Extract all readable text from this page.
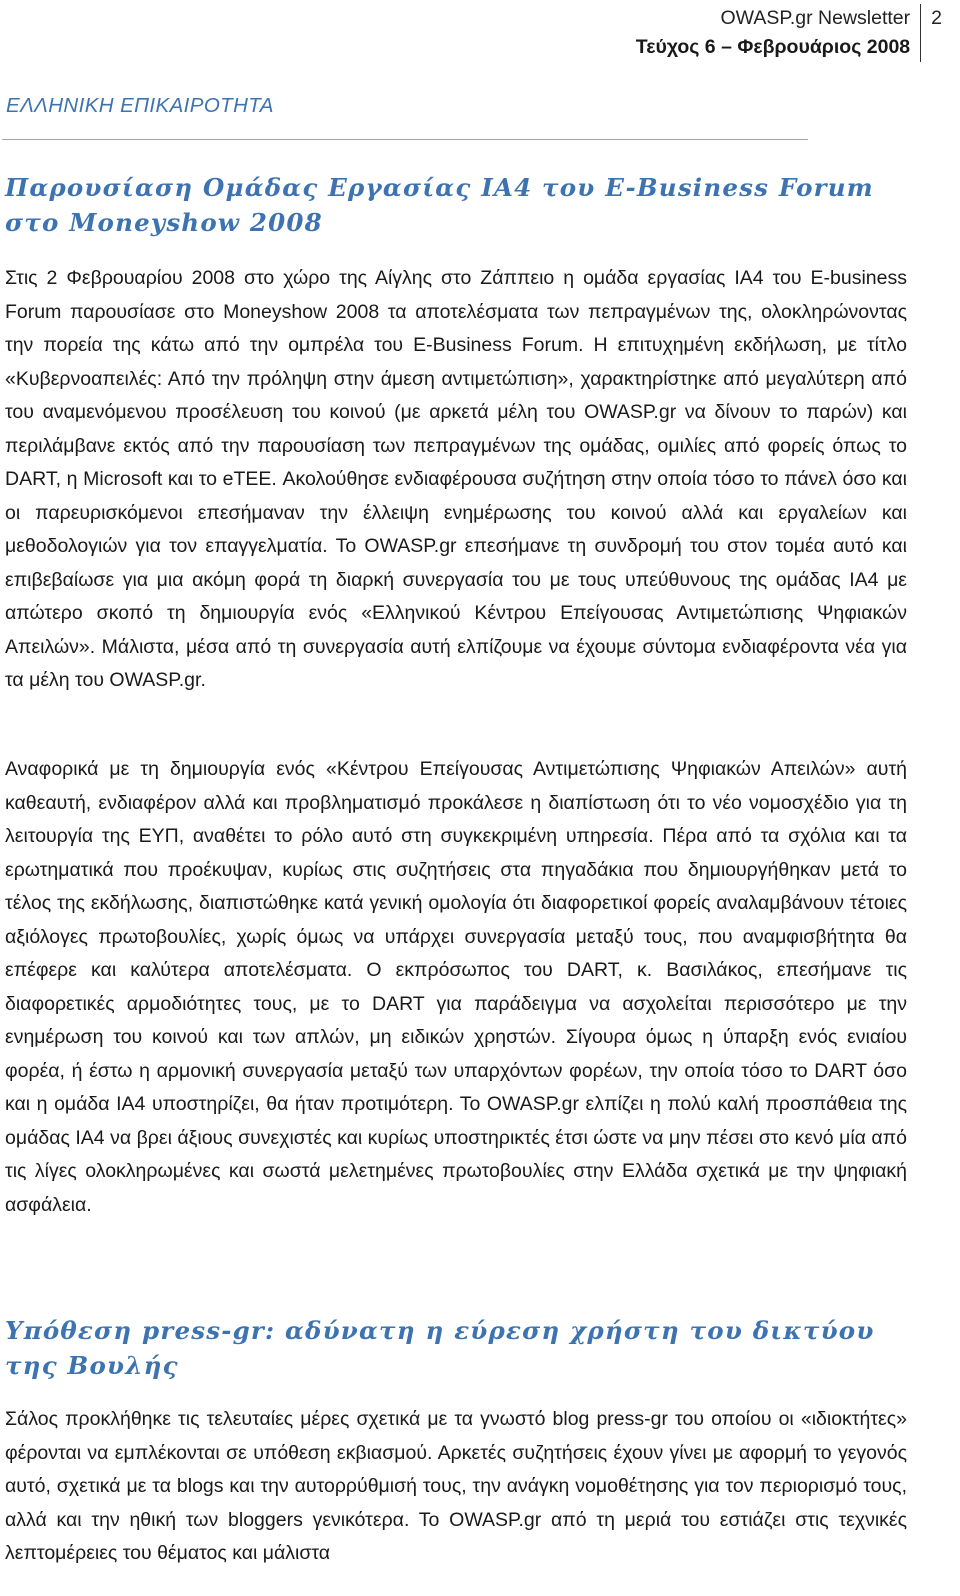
OWASP.gr Newsletter
Τεύχος 6 – Φεβρουάριος 2008
2
ΕΛΛΗΝΙΚΗ ΕΠΙΚΑΙΡΟΤΗΤΑ
Παρουσίαση Ομάδας Εργασίας ΙΑ4 του E-Business Forum στο Moneyshow 2008

Στις 2 Φεβρουαρίου 2008 στο χώρο της Αίγλης στο Ζάππειο η ομάδα εργασίας ΙΑ4 του E-business Forum παρουσίασε στο Moneyshow 2008 τα αποτελέσματα των πεπραγμένων της, ολοκληρώνοντας την πορεία της κάτω από την ομπρέλα του E-Business Forum. Η επιτυχημένη εκδήλωση, με τίτλο «Κυβερνοαπειλές: Από την πρόληψη στην άμεση αντιμετώπιση», χαρακτηρίστηκε από μεγαλύτερη από του αναμενόμενου προσέλευση του κοινού (με αρκετά μέλη του OWASP.gr να δίνουν το παρών) και περιλάμβανε εκτός από την παρουσίαση των πεπραγμένων της ομάδας, ομιλίες από φορείς όπως το DART, η Microsoft και το eTEE. Ακολούθησε ενδιαφέρουσα συζήτηση στην οποία τόσο το πάνελ όσο και οι παρευρισκόμενοι επεσήμαναν την έλλειψη ενημέρωσης του κοινού αλλά και εργαλείων και μεθοδολογιών για τον επαγγελματία. Το OWASP.gr επεσήμανε τη συνδρομή του στον τομέα αυτό και επιβεβαίωσε για μια ακόμη φορά τη διαρκή συνεργασία του με τους υπεύθυνους της ομάδας ΙΑ4 με απώτερο σκοπό τη δημιουργία ενός «Ελληνικού Κέντρου Επείγουσας Αντιμετώπισης Ψηφιακών Απειλών». Μάλιστα, μέσα από τη συνεργασία αυτή ελπίζουμε να έχουμε σύντομα ενδιαφέροντα νέα για τα μέλη του OWASP.gr.

Αναφορικά με τη δημιουργία ενός «Κέντρου Επείγουσας Αντιμετώπισης Ψηφιακών Απειλών» αυτή καθεαυτή, ενδιαφέρον αλλά και προβληματισμό προκάλεσε η διαπίστωση ότι το νέο νομοσχέδιο για τη λειτουργία της ΕΥΠ, αναθέτει το ρόλο αυτό στη συγκεκριμένη υπηρεσία. Πέρα από τα σχόλια και τα ερωτηματικά που προέκυψαν, κυρίως στις συζητήσεις στα πηγαδάκια που δημιουργήθηκαν μετά το τέλος της εκδήλωσης, διαπιστώθηκε κατά γενική ομολογία ότι διαφορετικοί φορείς αναλαμβάνουν τέτοιες αξιόλογες πρωτοβουλίες, χωρίς όμως να υπάρχει συνεργασία μεταξύ τους, που αναμφισβήτητα θα επέφερε και καλύτερα αποτελέσματα. Ο εκπρόσωπος του DART, κ. Βασιλάκος, επεσήμανε τις διαφορετικές αρμοδιότητες τους, με το DART για παράδειγμα να ασχολείται περισσότερο με την ενημέρωση του κοινού και των απλών, μη ειδικών χρηστών. Σίγουρα όμως η ύπαρξη ενός ενιαίου φορέα, ή έστω η αρμονική συνεργασία μεταξύ των υπαρχόντων φορέων, την οποία τόσο το DART όσο και η ομάδα ΙΑ4 υποστηρίζει, θα ήταν προτιμότερη. Το OWASP.gr ελπίζει η πολύ καλή προσπάθεια της ομάδας ΙΑ4 να βρει άξιους συνεχιστές και κυρίως υποστηρικτές έτσι ώστε να μην πέσει στο κενό μία από τις λίγες ολοκληρωμένες και σωστά μελετημένες πρωτοβουλίες στην Ελλάδα σχετικά με την ψηφιακή ασφάλεια.

Υπόθεση press-gr: αδύνατη η εύρεση χρήστη του δικτύου της Βουλής

Σάλος προκλήθηκε τις τελευταίες μέρες σχετικά με τα γνωστό blog press-gr του οποίου οι «ιδιοκτήτες» φέρονται να εμπλέκονται σε υπόθεση εκβιασμού. Αρκετές συζητήσεις έχουν γίνει με αφορμή το γεγονός αυτό, σχετικά με τα blogs και την αυτορρύθμισή τους, την ανάγκη νομοθέτησης για τον περιορισμό τους, αλλά και την ηθική των bloggers γενικότερα. Το OWASP.gr από τη μεριά του εστιάζει στις τεχνικές λεπτομέρειες του θέματος και μάλιστα
